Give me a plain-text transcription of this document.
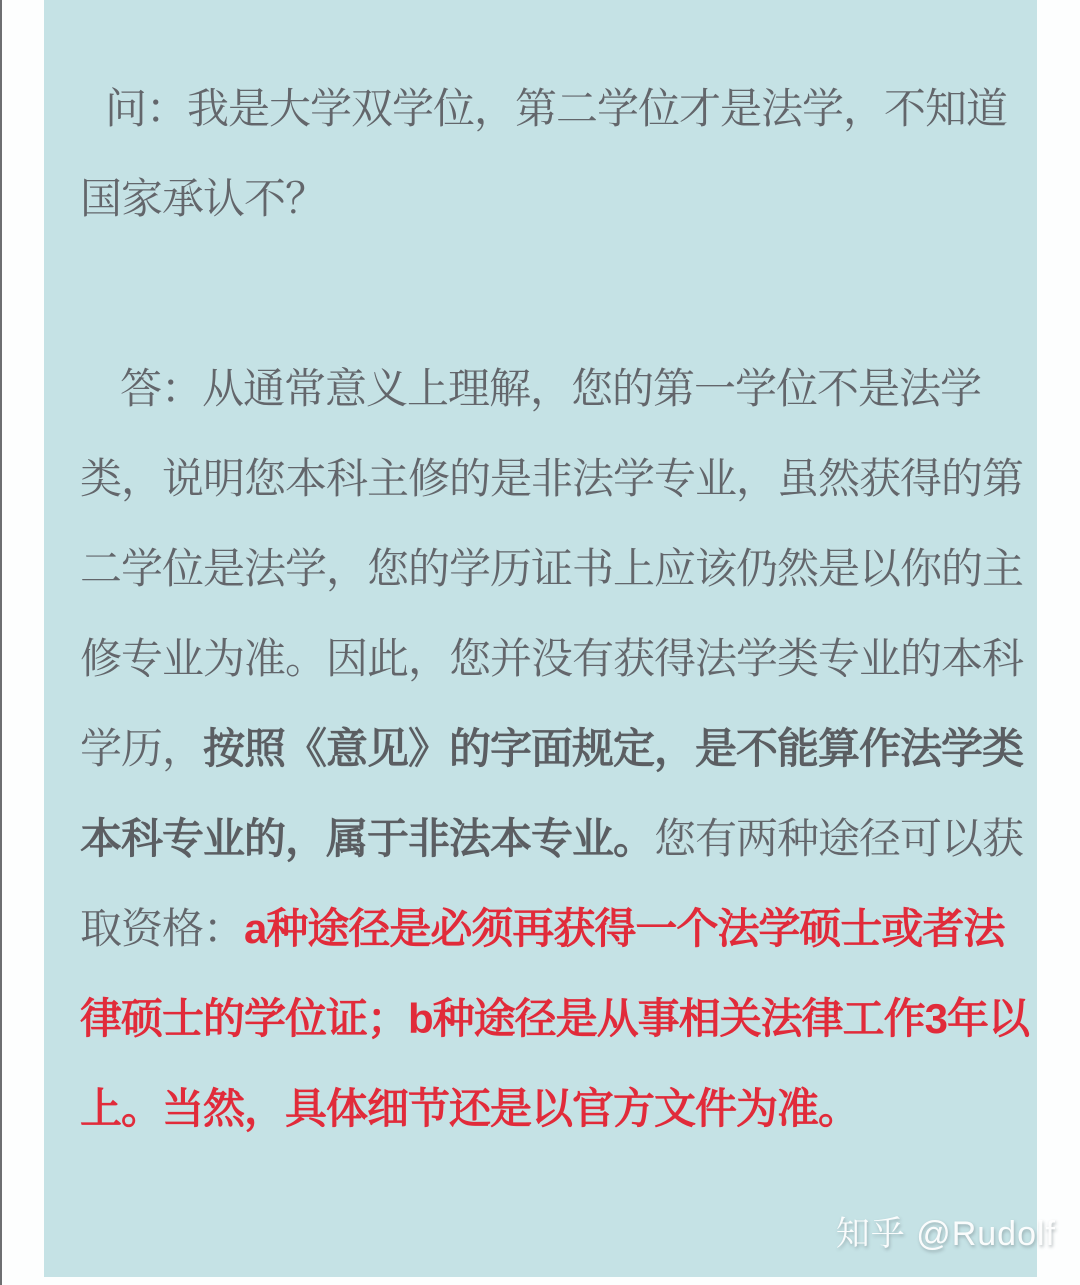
问：我是大学双学位，第二学位才是法学，不知道
国家承认不？
答：从通常意义上理解，您的第一学位不是法学
类，说明您本科主修的是非法学专业，虽然获得的第
二学位是法学，您的学历证书上应该仍然是以你的主
修专业为准。因此，您并没有获得法学类专业的本科
学历，按照《意见》的字面规定，是不能算作法学类
本科专业的，属于非法本专业。您有两种途径可以获
取资格：a种途径是必须再获得一个法学硕士或者法
律硕士的学位证；b种途径是从事相关法律工作3年以
上。当然，具体细节还是以官方文件为准。
知乎 @Rudolf
